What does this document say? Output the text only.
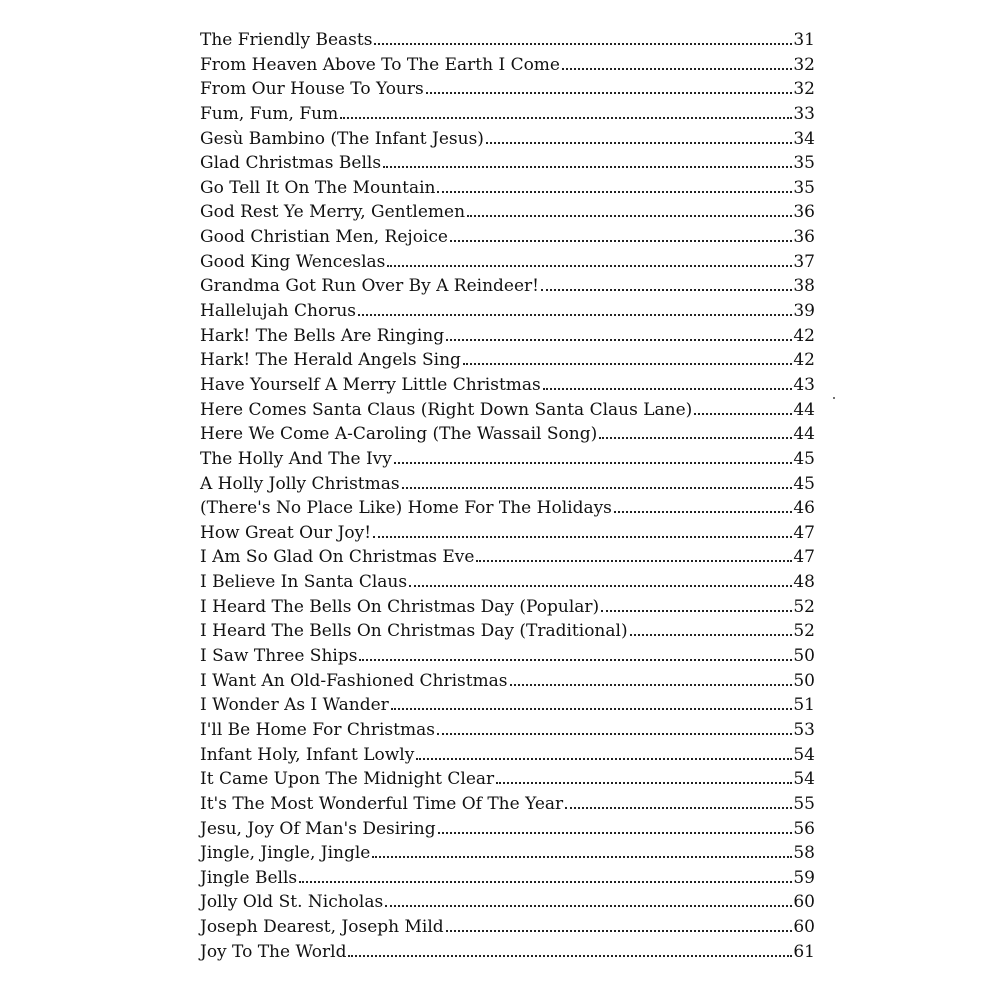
The Friendly Beasts	31
From Heaven Above To The Earth I Come	32
From Our House To Yours	32
Fum, Fum, Fum	33
Gesù Bambino (The Infant Jesus)	34
Glad Christmas Bells	35
Go Tell It On The Mountain	35
God Rest Ye Merry, Gentlemen	36
Good Christian Men, Rejoice	36
Good King Wenceslas	37
Grandma Got Run Over By A Reindeer!	38
Hallelujah Chorus	39
Hark! The Bells Are Ringing	42
Hark! The Herald Angels Sing	42
Have Yourself A Merry Little Christmas	43
Here Comes Santa Claus (Right Down Santa Claus Lane)	44
Here We Come A-Caroling (The Wassail Song)	44
The Holly And The Ivy	45
A Holly Jolly Christmas	45
(There's No Place Like) Home For The Holidays	46
How Great Our Joy!	47
I Am So Glad On Christmas Eve	47
I Believe In Santa Claus	48
I Heard The Bells On Christmas Day (Popular)	52
I Heard The Bells On Christmas Day (Traditional)	52
I Saw Three Ships	50
I Want An Old-Fashioned Christmas	50
I Wonder As I Wander	51
I'll Be Home For Christmas	53
Infant Holy, Infant Lowly	54
It Came Upon The Midnight Clear	54
It's The Most Wonderful Time Of The Year	55
Jesu, Joy Of Man's Desiring	56
Jingle, Jingle, Jingle	58
Jingle Bells	59
Jolly Old St. Nicholas	60
Joseph Dearest, Joseph Mild	60
Joy To The World	61
